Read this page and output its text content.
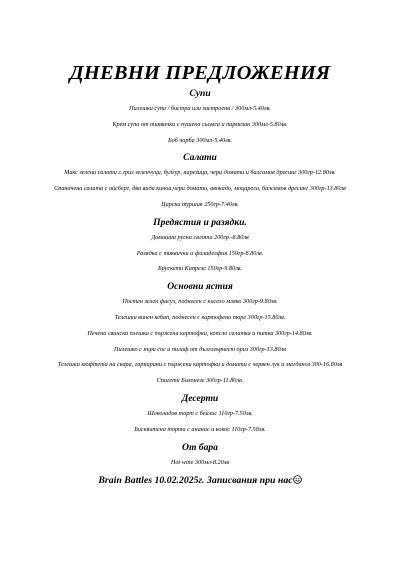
ДНЕВНИ ПРЕДЛОЖЕНИЯ
Супи
Пилешка супа / бистра или застроена / 300мл-5.40лв.
Крем супа от тиквички с пушена сьомга и пармезан 300мл-5.80лв.
Боб чорба 300мл-5.40лв.
Салати
Микс зелени салати с гриз зеленчуци, булгур, нарезица, чери домати и балсамов дресинг 300гр-12.80лв.
Спаначена салата с айсберг, два вида киноа,чери домати, авокадо, моцарела, балсамов дресинг 300гр-13.80лв
Царска туршия 250гр-7.40лв.
Предястия и разядки.
Домашна руска салата 200гр.-8.80лв
Разядка с тиквички и филаделфия 150гр-8.80лв.
Брускети Капрезе 150гр-9.80лв.
Основни ястия
Постен зелен фасул, поднесен с кисело мляко 300гр-9.80лв.
Телешки винен кебап, поднесен с картофено пюре 300гр-15.80лв.
Печена свинска плешка с пържени картофки, копсло салатка и питка 300гр-14.80лв.
Пилешко с къри сос и пилаф от дългозърнест ориз 300гр-13.80лв
Телешки кюфтета на скара, гарнирани с пържени картофки и домати с червен лук и магданоз 300-16.80лв
Спагети Болонезе 300гр-11.80лв.
Десерти
Шоколадов тарт с бейлис 110гр-7.50лв.
Бисквитена торта с ананас и кокос 110гр-7.50лв.
От бара
Hot wine 300мл-8.20лв
Brain Battles 10.02.2025г. Записвания при нас
